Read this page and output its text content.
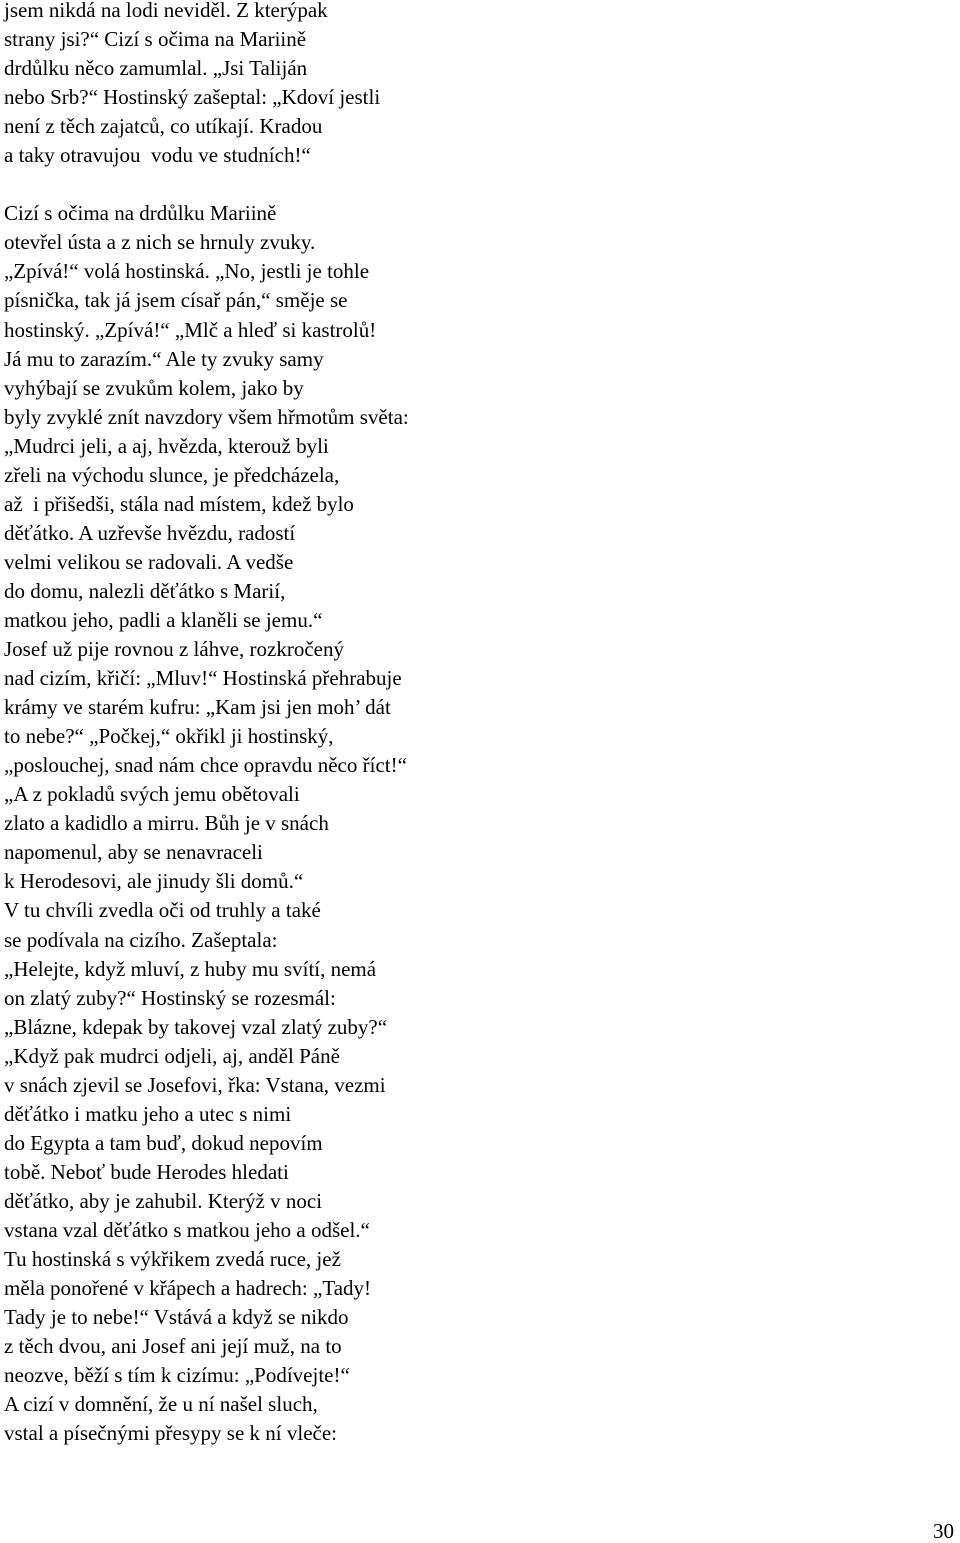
jsem nikdá na lodi neviděl. Z kterýpak
strany jsi?“ Cizí s očima na Mariině
drdůlku něco zamumlal. „Jsi Taliján
nebo Srb?“ Hostinský zašeptal: „Kdoví jestli
není z těch zajatců, co utíkají. Kradou
a taky otravujou  vodu ve studních!“

Cizí s očima na drdůlku Mariině
otevřel ústa a z nich se hrnuly zvuky.
„Zpívá!“ volá hostinská. „No, jestli je tohle
písnička, tak já jsem císař pán,“ směje se
hostinský. „Zpívá!“ „Mlč a hleď si kastrolů!
Já mu to zarazím.“ Ale ty zvuky samy
vyhýbají se zvukům kolem, jako by
byly zvyklé znít navzdory všem hřmotům světa:
„Mudrci jeli, a aj, hvězda, kterouž byli
zřeli na východu slunce, je předcházela,
až  i přišedši, stála nad místem, kdež bylo
děťátko. A uzřevše hvězdu, radostí
velmi velikou se radovali. A vedše
do domu, nalezli děťátko s Marií,
matkou jeho, padli a klaněli se jemu.“
Josef už pije rovnou z láhve, rozkročený
nad cizím, křičí: „Mluv!“ Hostinská přehrabuje
krámy ve starém kufru: „Kam jsi jen moh’ dát
to nebe?“ „Počkej,“ okřikl ji hostinský,
„poslouchej, snad nám chce opravdu něco říct!“
„A z pokladů svých jemu obětovali
zlato a kadidlo a mirru. Bůh je v snách
napomenul, aby se nenavraceli
k Herodesovi, ale jinudy šli domů.“
V tu chvíli zvedla oči od truhly a také
se podívala na cizího. Zašeptala:
„Helejte, když mluví, z huby mu svítí, nemá
on zlatý zuby?“ Hostinský se rozesmál:
„Blázne, kdepak by takovej vzal zlatý zuby?“
„Když pak mudrci odjeli, aj, anděl Páně
v snách zjevil se Josefovi, řka: Vstana, vezmi
děťátko i matku jeho a utec s nimi
do Egypta a tam buď, dokud nepovím
tobě. Neboť bude Herodes hledati
děťátko, aby je zahubil. Kterýž v noci
vstana vzal děťátko s matkou jeho a odšel.“
Tu hostinská s výkřikem zvedá ruce, jež
měla ponořené v křápech a hadrech: „Tady!
Tady je to nebe!“ Vstává a když se nikdo
z těch dvou, ani Josef ani její muž, na to
neozve, běží s tím k cizímu: „Podívejte!“
A cizí v domnění, že u ní našel sluch,
vstal a písečnými přesypy se k ní vleče:
30
